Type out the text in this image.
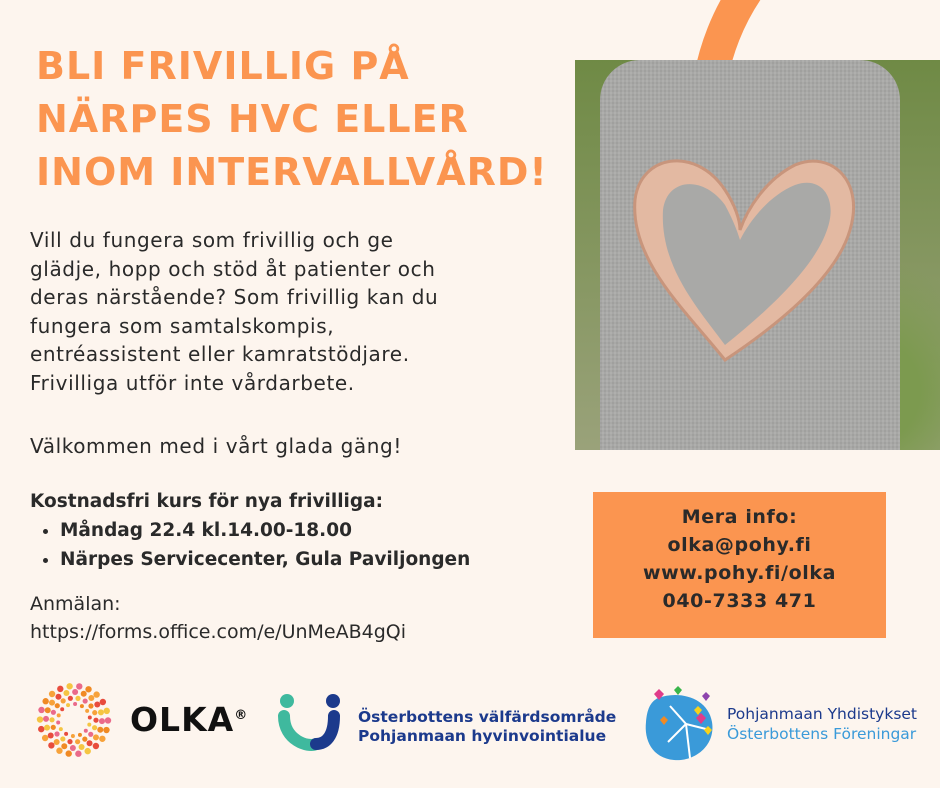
BLI FRIVILLIG PÅ
NÄRPES HVC ELLER
INOM INTERVALLVÅRD!
Vill du fungera som frivillig och ge
glädje, hopp och stöd åt patienter och
deras närstående? Som frivillig kan du
fungera som samtalskompis,
entréassistent eller kamratstödjare.
Frivilliga utför inte vårdarbete.

Välkommen med i vårt glada gäng!

Kostnadsfri kurs för nya frivilliga:
• Måndag 22.4 kl.14.00-18.00
• Närpes Servicecenter, Gula Paviljongen
Anmälan:
https://forms.office.com/e/UnMeAB4gQi
Mera info:
olka@pohy.fi
www.pohy.fi/olka
040-7333 471
OLKA®	Österbottens välfärdsområde
Pohjanmaan hyvinvointialue
Pohjanmaan Yhdistykset
Österbottens Föreningar
